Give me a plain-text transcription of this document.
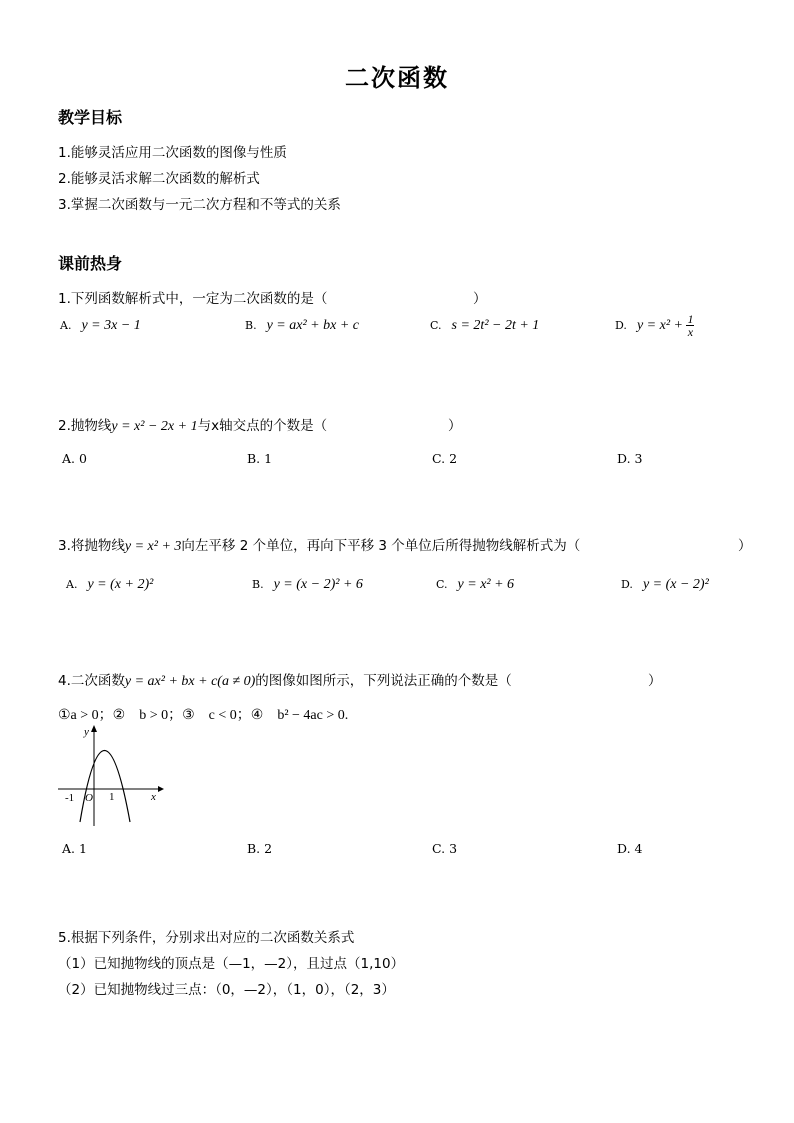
二次函数
教学目标
1.能够灵活应用二次函数的图像与性质
2.能够灵活求解二次函数的解析式
3.掌握二次函数与一元二次方程和不等式的关系
课前热身
1.下列函数解析式中，一定为二次函数的是（	）
A. y = 3x − 1	B. y = ax² + bx + c	C. s = 2t² − 2t + 1	D. $y = x^2 + \frac{1}{x}$
2.抛物线y = x² − 2x + 1与x轴交点的个数是（	）
A. 0	B. 1	C. 2	D. 3
3.将抛物线y = x² + 3向左平移 2 个单位，再向下平移 3 个单位后所得抛物线解析式为（	）
A. y = (x + 2)²	B. y = (x − 2)² + 6	C. y = x² + 6	D. y = (x − 2)²
4.二次函数y = ax² + bx + c(a ≠ 0)的图像如图所示，下列说法正确的个数是（	）
①a > 0；②　b > 0；③　c < 0；④　b² − 4ac > 0.
y
x
-1 O 1
A. 1	B. 2	C. 3	D. 4
5.根据下列条件，分别求出对应的二次函数关系式
（1）已知抛物线的顶点是（—1，—2），且过点（1,10）
（2）已知抛物线过三点：（0，—2），（1，0），（2，3）
